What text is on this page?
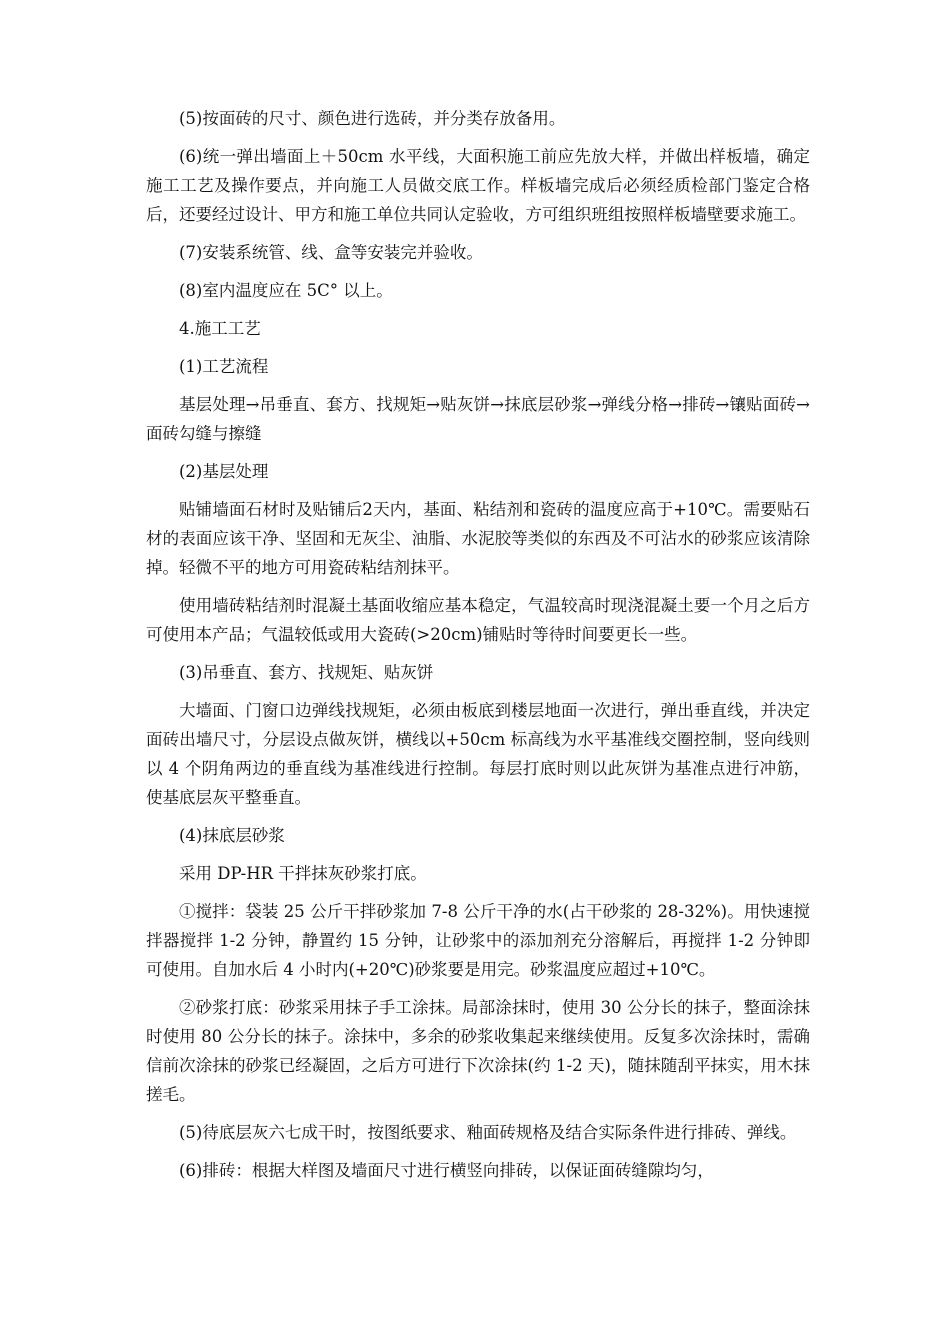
(5)按面砖的尺寸、颜色进行选砖，并分类存放备用。

(6)统一弹出墙面上＋50cm 水平线，大面积施工前应先放大样，并做出样板墙，确定施工工艺及操作要点，并向施工人员做交底工作。样板墙完成后必须经质检部门鉴定合格后，还要经过设计、甲方和施工单位共同认定验收，方可组织班组按照样板墙壁要求施工。

(7)安装系统管、线、盒等安装完并验收。

(8)室内温度应在 5C° 以上。

4.施工工艺

(1)工艺流程

基层处理→吊垂直、套方、找规矩→贴灰饼→抹底层砂浆→弹线分格→排砖→镶贴面砖→面砖勾缝与擦缝

(2)基层处理

贴铺墙面石材时及贴铺后2天内，基面、粘结剂和瓷砖的温度应高于+10℃。需要贴石材的表面应该干净、坚固和无灰尘、油脂、水泥胶等类似的东西及不可沾水的砂浆应该清除掉。轻微不平的地方可用瓷砖粘结剂抹平。

使用墙砖粘结剂时混凝土基面收缩应基本稳定，气温较高时现浇混凝土要一个月之后方可使用本产品；气温较低或用大瓷砖(>20cm)铺贴时等待时间要更长一些。

(3)吊垂直、套方、找规矩、贴灰饼

大墙面、门窗口边弹线找规矩，必须由板底到楼层地面一次进行，弹出垂直线，并决定面砖出墙尺寸，分层设点做灰饼，横线以+50cm 标高线为水平基准线交圈控制，竖向线则以 4 个阴角两边的垂直线为基准线进行控制。每层打底时则以此灰饼为基准点进行冲筋，使基底层灰平整垂直。

(4)抹底层砂浆

采用 DP-HR 干拌抹灰砂浆打底。

①搅拌：袋装 25 公斤干拌砂浆加 7-8 公斤干净的水(占干砂浆的 28-32%)。用快速搅拌器搅拌 1-2 分钟，静置约 15 分钟，让砂浆中的添加剂充分溶解后，再搅拌 1-2 分钟即可使用。自加水后 4 小时内(+20℃)砂浆要是用完。砂浆温度应超过+10℃。

②砂浆打底：砂浆采用抹子手工涂抹。局部涂抹时，使用 30 公分长的抹子，整面涂抹时使用 80 公分长的抹子。涂抹中，多余的砂浆收集起来继续使用。反复多次涂抹时，需确信前次涂抹的砂浆已经凝固，之后方可进行下次涂抹(约 1-2 天)，随抹随刮平抹实，用木抹搓毛。

(5)待底层灰六七成干时，按图纸要求、釉面砖规格及结合实际条件进行排砖、弹线。

(6)排砖：根据大样图及墙面尺寸进行横竖向排砖，以保证面砖缝隙均匀，
